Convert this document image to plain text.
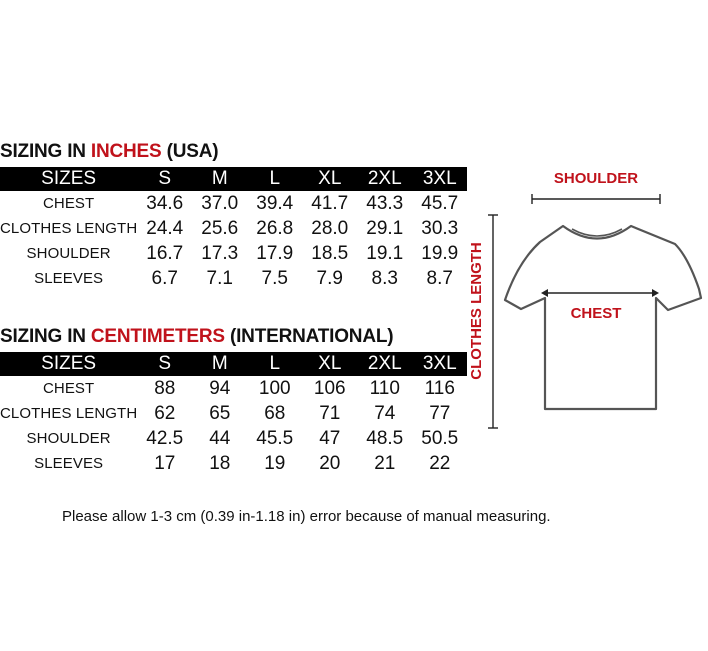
SIZING IN INCHES (USA)
SIZES	S	M	L	XL	2XL	3XL
CHEST	34.6	37.0	39.4	41.7	43.3	45.7
CLOTHES LENGTH	24.4	25.6	26.8	28.0	29.1	30.3
SHOULDER	16.7	17.3	17.9	18.5	19.1	19.9
SLEEVES	6.7	7.1	7.5	7.9	8.3	8.7
SIZING IN CENTIMETERS (INTERNATIONAL)
SIZES	S	M	L	XL	2XL	3XL
CHEST	88	94	100	106	110	116
CLOTHES LENGTH	62	65	68	71	74	77
SHOULDER	42.5	44	45.5	47	48.5	50.5
SLEEVES	17	18	19	20	21	22
SHOULDER
CHEST
CLOTHES LENGTH
Please allow 1-3 cm (0.39 in-1.18 in) error because of manual measuring.
